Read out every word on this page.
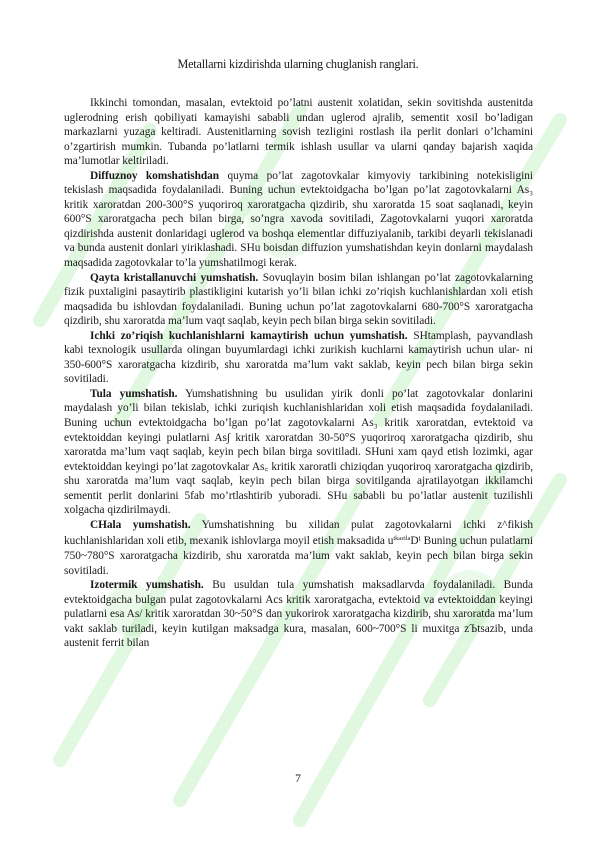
Metallarni kizdirishda ularning chuglanish ranglari.

Ikkinchi tomondan, masalan, evtektoid po’latni austenit xolatidan, sekin sovitishda austenitda uglerodning erish qobiliyati kamayishi sababli undan uglerod ajralib, sementit xosil bo’ladigan markazlarni yuzaga keltiradi. Austenitlarning sovish tezligini rostlash ila perlit donlari o’lchamini o’zgartirish mumkin. Tubanda po’latlarni termik ishlash usullar va ularni qanday bajarish xaqida ma’lumotlar keltiriladi.

Diffuznoy komshatishdan quyma po’lat zagotovkalar kimyoviy tarkibining notekisligini tekislash maqsadida foydalaniladi. Buning uchun evtektoidgacha bo’lgan po’lat zagotovkalarni As₃ kritik xaroratdan 200-300°S yuqoriroq xaroratgacha qizdirib, shu xaroratda 15 soat saqlanadi, keyin 600°S xaroratgacha pech bilan birga, so’ngra xavoda sovitiladi, Zagotovkalarni yuqori xaroratda qizdirishda austenit donlaridagi uglerod va boshqa elementlar diffuziyalanib, tarkibi deyarli tekislanadi va bunda austenit donlari yiriklashadi. SHu boisdan diffuzion yumshatishdan keyin donlarni maydalash maqsadida zagotovkalar to’la yumshatilmogi kerak.

Qayta kristallanuvchi yumshatish. Sovuqlayin bosim bilan ishlangan po’lat zagotovkalarning fizik puxtaligini pasaytirib plastikligini kutarish yo’li bilan ichki zo’riqish kuchlanishlardan xoli etish maqsadida bu ishlovdan foydalaniladi. Buning uchun po’lat zagotovkalarni 680-700°S xaroratgacha qizdirib, shu xaroratda ma’lum vaqt saqlab, keyin pech bilan birga sekin sovitiladi.

Ichki zo’riqish kuchlanishlarni kamaytirish uchun yumshatish. SHtamplash, payvandlash kabi texnologik usullarda olingan buyumlardagi ichki zurikish kuchlarni kamaytirish uchun ular- ni 350-600°S xaroratgacha kizdirib, shu xaroratda ma’lum vakt saklab, keyin pech bilan birga sekin sovitiladi.

Tula yumshatish. Yumshatishning bu usulidan yirik donli po’lat zagotovkalar donlarini maydalash yo’li bilan tekislab, ichki zuriqish kuchlanishlaridan xoli etish maqsadida foydalaniladi. Buning uchun evtektoidgacha bo’lgan po’lat zagotovkalarni As₃ kritik xaroratdan, evtektoid va evtektoiddan keyingi pulatlarni As∫ kritik xaroratdan 30-50°S yuqoriroq xaroratgacha qizdirib, shu xaroratda ma’lum vaqt saqlab, keyin pech bilan birga sovitiladi. SHuni xam qayd etish lozimki, agar evtektoiddan keyingi po’lat zagotovkalar As꜀ kritik xaroratli chiziqdan yuqoriroq xaroratgacha qizdirib, shu xaroratda ma’lum vaqt saqlab, keyin pech bilan birga sovitilganda ajratilayotgan ikkilamchi sementit perlit donlarini 5fab mo’rtlashtirib yuboradi. SHu sababli bu po’latlar austenit tuzilishli xolgacha qizdirilmaydi.

CHala yumshatish. Yumshatishning bu xilidan pulat zagotovkalarni ichki z^fikish kuchlanishlaridan xoli etib, mexanik ishlovlarga moyil etish maksadida $u^{tkazila}D^i$ Buning uchun pulatlarni 750~780°S xaroratgacha kizdirib, shu xaroratda ma’lum vakt saklab, keyin pech bilan birga sekin sovitiladi.

Izotermik yumshatish. Bu usuldan tula yumshatish maksadlarvda foydalaniladi. Bunda evtektoidgacha bulgan pulat zagotovkalarni Acs kritik xaroratgacha, evtektoid va evtektoiddan keyingi pulatlarni esa As/ kritik xaroratdan 30~50°S dan yukorirok xaroratgacha kizdirib, shu xaroratda ma’lum vakt saklab turiladi, keyin kutilgan maksadga kura, masalan, 600~700°S li muxitga zЪtsazib, unda austenit ferrit bilan

7
